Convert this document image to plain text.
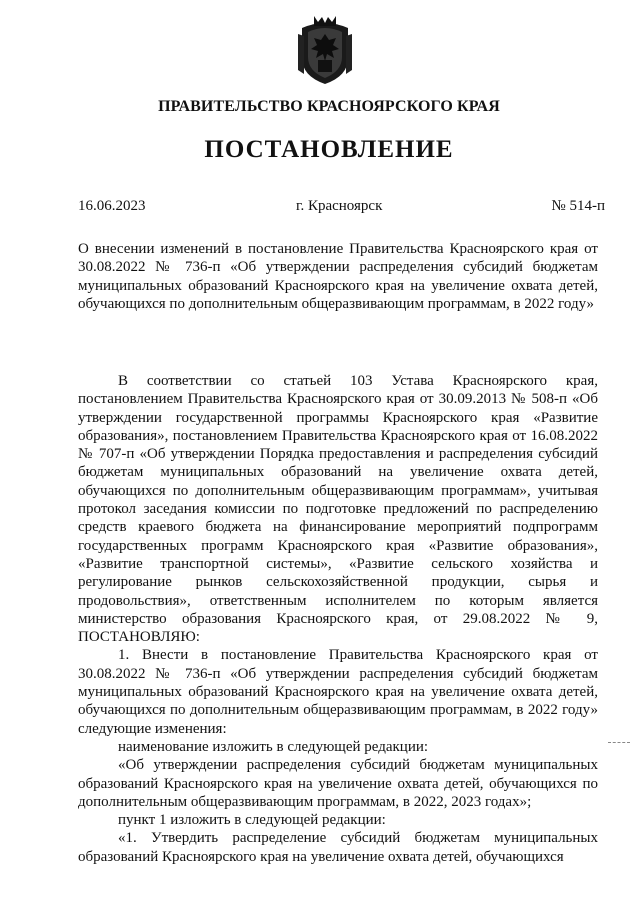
ПРАВИТЕЛЬСТВО КРАСНОЯРСКОГО КРАЯ
ПОСТАНОВЛЕНИЕ
16.06.2023	г. Красноярск	№ 514-п

О внесении изменений в постановление Правительства Красноярского края от 30.08.2022 № 736-п «Об утверждении распределения субсидий бюджетам муниципальных образований Красноярского края на увеличение охвата детей, обучающихся по дополнительным общеразвивающим программам, в 2022 году»

В соответствии со статьей 103 Устава Красноярского края, постановлением Правительства Красноярского края от 30.09.2013 № 508-п «Об утверждении государственной программы Красноярского края «Развитие образования», постановлением Правительства Красноярского края от 16.08.2022 № 707-п «Об утверждении Порядка предоставления и распределения субсидий бюджетам муниципальных образований на увеличение охвата детей, обучающихся по дополнительным общеразвивающим программам», учитывая протокол заседания комиссии по подготовке предложений по распределению средств краевого бюджета на финансирование мероприятий подпрограмм государственных программ Красноярского края «Развитие образования», «Развитие транспортной системы», «Развитие сельского хозяйства и регулирование рынков сельскохозяйственной продукции, сырья и продовольствия», ответственным исполнителем по которым является министерство образования Красноярского края, от 29.08.2022 № 9, ПОСТАНОВЛЯЮ:

1. Внести в постановление Правительства Красноярского края от 30.08.2022 № 736-п «Об утверждении распределения субсидий бюджетам муниципальных образований Красноярского края на увеличение охвата детей, обучающихся по дополнительным общеразвивающим программам, в 2022 году» следующие изменения:

наименование изложить в следующей редакции:

«Об утверждении распределения субсидий бюджетам муниципальных образований Красноярского края на увеличение охвата детей, обучающихся по дополнительным общеразвивающим программам, в 2022, 2023 годах»;

пункт 1 изложить в следующей редакции:

«1. Утвердить распределение субсидий бюджетам муниципальных образований Красноярского края на увеличение охвата детей, обучающихся
